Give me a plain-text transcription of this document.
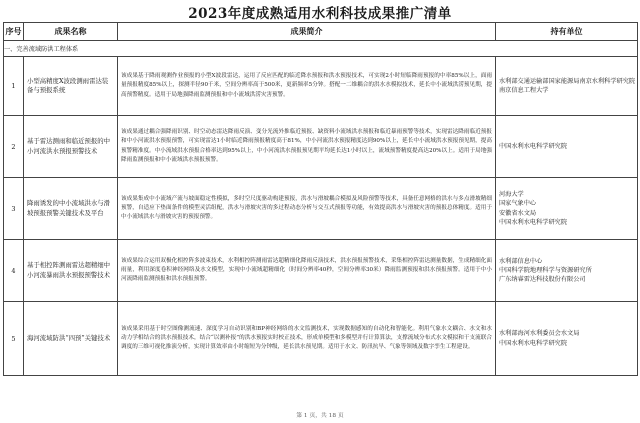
2023年度成熟适用水利科技成果推广清单
序号	成果名称	成果简介	持有单位
一、完善流域防洪工程体系			
1	小型高精度X波段测雨雷达装备与预报系统	该成果基于降雨观测作业预报的小型X波段雷达，运用了反应匹配的临近降水预报和洪水预报技术，可实现2小时短临降雨预报的中率85%以上，面雨量预报精度85%以上，探测半径90千米，空间分辨率高于500米，更新频率5分钟。搭配一二维耦合的洪水水模拟技术，延长中小流域洪涝预见期，提高预警精度。适用于局地强降雨监测预报和中小流域洪涝灾害预警。	水利部交通运输部国家能源局南京水利科学研究院
南京信息工程大学

2	基于雷达测雨和临近预报的中小河流洪水预报预警技术	该成果通过耦合强降雨识别、时空动态雷达降雨反演、变分光流外推临近预报、缺资料小流域洪水预报和临近暴雨预警等技术，实现雷达降雨临近预报和中小河流洪水预报预警，可实现雷达1小时临近降雨预报精度高于81%，中小河流洪水预报精度达到90%以上，延长中小流域洪水预报预见期，提高预警精准度。中小流域洪水预报合格率达到95%以上，中小河流洪水预报预见期平均延长达1小时以上，流域预警精度提高达20%以上。适用于局地强降雨监测预报和中小流域洪水预报预警。	中国水利水电科学研究院

3	降雨诱发的中小流域洪水与滑坡预报预警关键技术及平台	该成果集成中小流域产流与坡面稳定性模拟，多时空尺度驱动构建预报，洪水与滑坡耦合模拟及风险预警等技术，具备任意网格的洪水与多点滑坡精细预警，自适应下垫面条件的模型灵活组配，洪水与滑坡灾害的多过程动态分析与交互式预报等功能，有效提高洪水与滑坡灾害的预报总体精度。适用于中小流域洪水与滑坡灾害的预报预警。	河海大学
国家气象中心
安徽省水文局
中国水利水电科学研究院

4	基于相控阵测雨雷达超精细中小河流暴雨洪水预报预警技术	该成果综合运用双极化相控阵多波束技术，水利相控阵测雨雷达超精细化降雨反演技术，洪水预报预警技术，采集相控阵雷达测量数据，生成精细化面雨量，利用深度卷积神经网络及水文模型，实现中小流域超精细化（时间分辨率40秒，空间分辨率30米）降雨监测预报和洪水预报预警。适用于中小河流降雨监测预报和洪水预报预警。	水利部信息中心
中国科学院地理科学与资源研究所
广东纳睿雷达科技股份有限公司

5	海河流域防洪“四预”关键技术	该成果采用基于时空图像测流速、深度学习自动识别和BP神经网络的水文监测技术，实现数据感知的自动化和智能化。利用气象水文耦合、水文和水动力学相结合的洪水预报技术，结合“以测补报”的洪水预报实时校正技术，形成单模型和多模型并行计算算法，支撑流域分布式水文模拟和干支流联合调度的三维可视化推演分析，实现计算效率由小时缩短为分钟级，延长洪水预见期。适用于水文、防汛抗旱、气象等领域及数字孪生工程建设。	水利部海河水利委员会水文局
中国水利水电科学研究院
第 1 页，共 18 页
